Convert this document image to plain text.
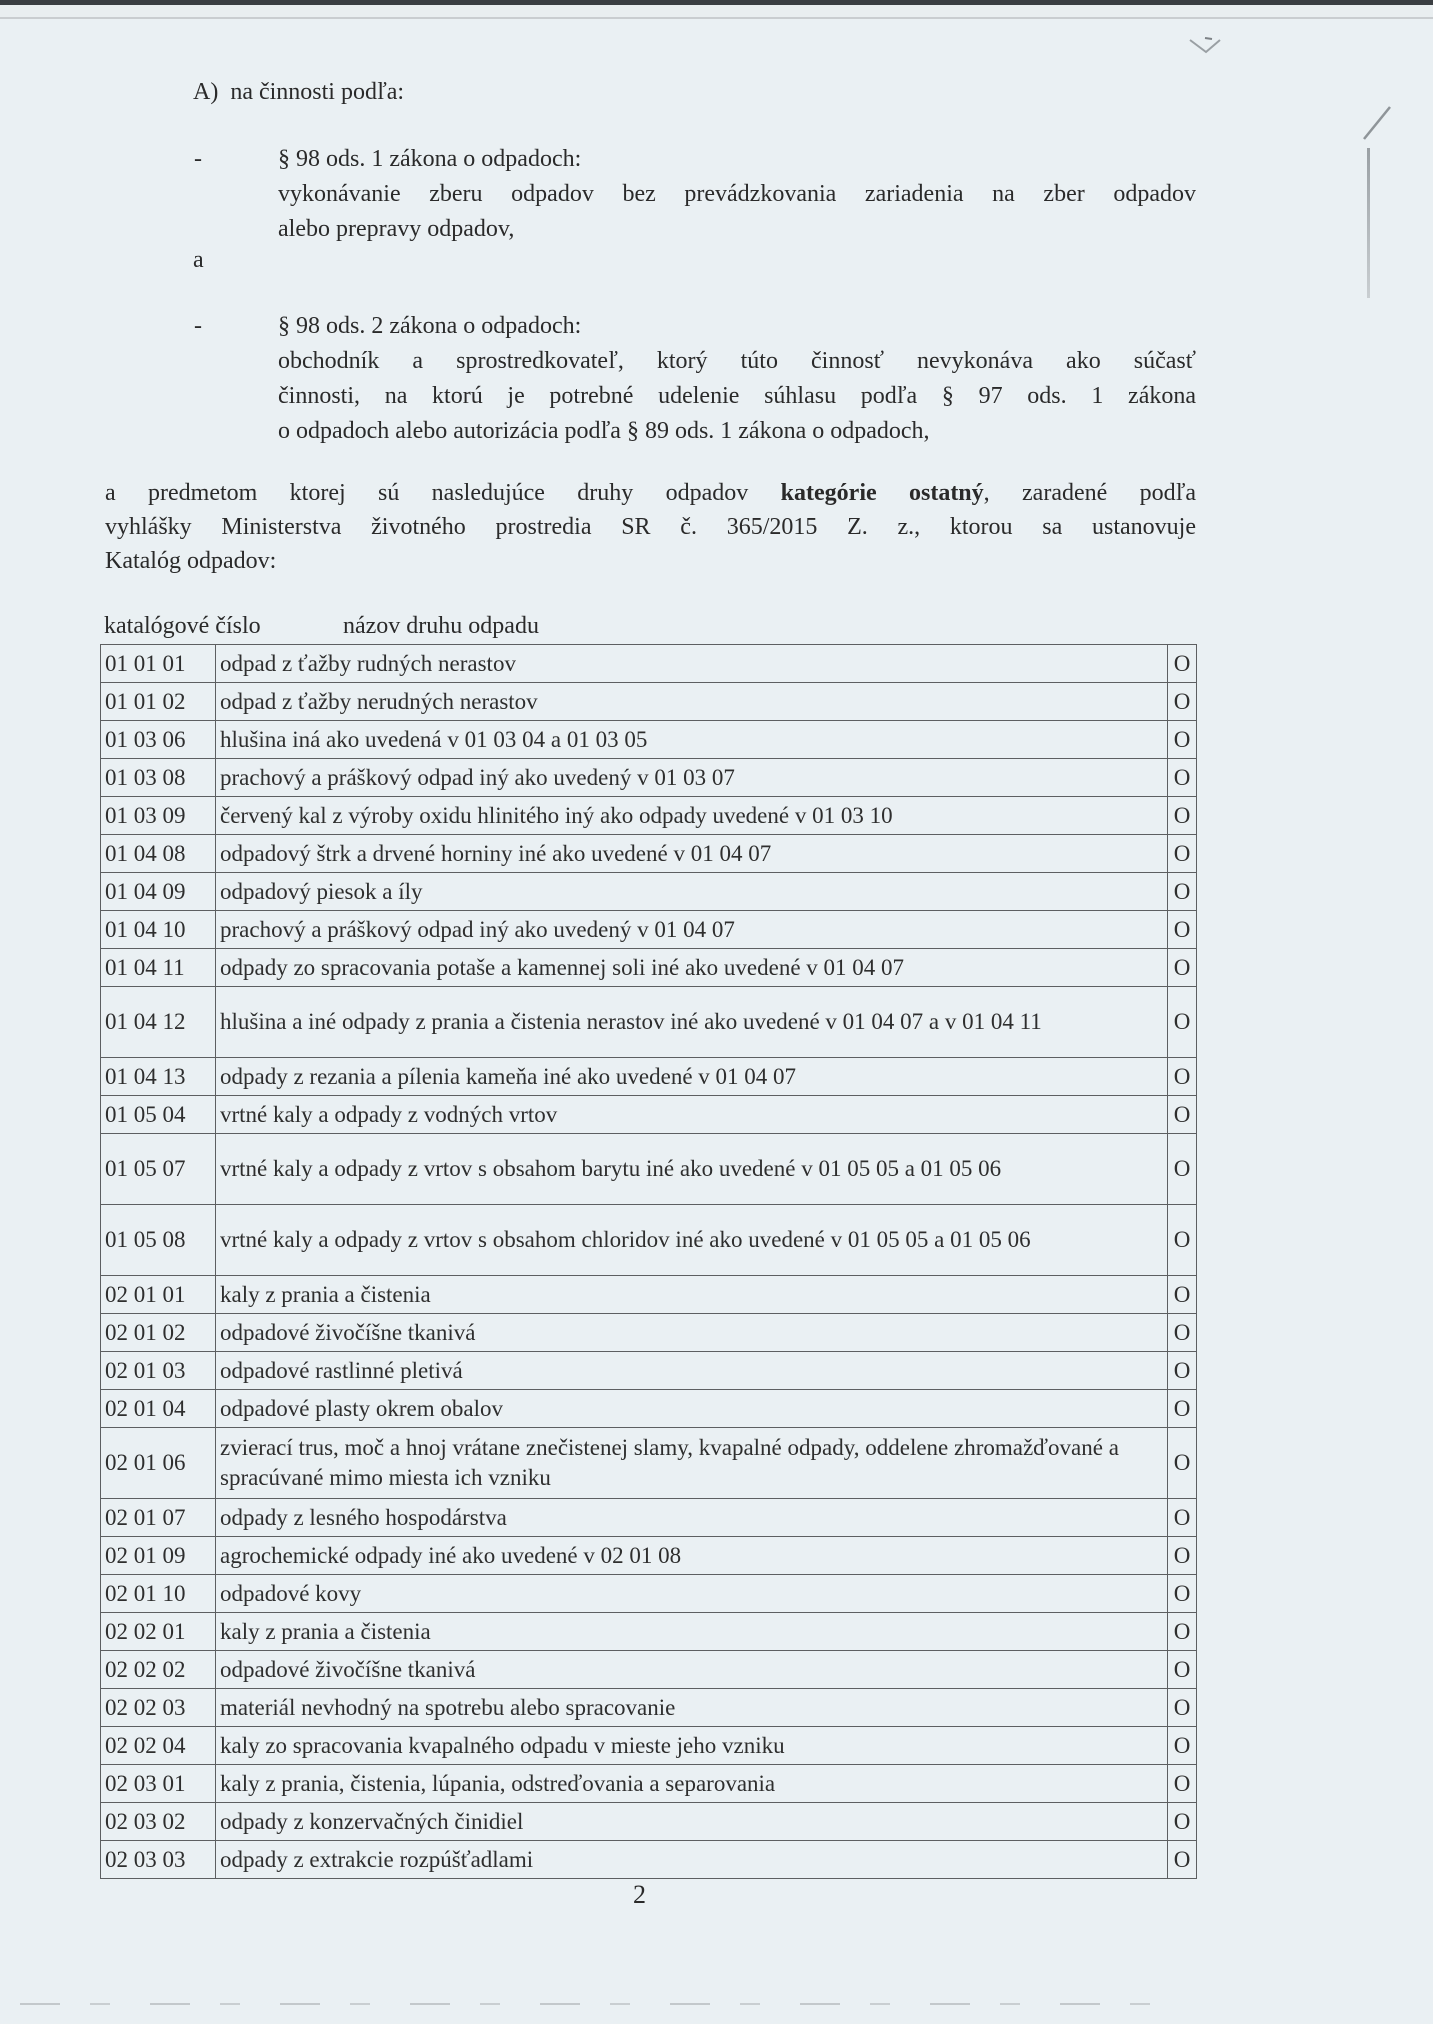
A) na činnosti podľa:
-	§ 98 ods. 1 zákona o odpadoch:
vykonávanie zberu odpadov bez prevádzkovania zariadenia na zber odpadov
alebo prepravy odpadov,
a
-	§ 98 ods. 2 zákona o odpadoch:
obchodník a sprostredkovateľ, ktorý túto činnosť nevykonáva ako súčasť
činnosti, na ktorú je potrebné udelenie súhlasu podľa § 97 ods. 1 zákona
o odpadoch alebo autorizácia podľa § 89 ods. 1 zákona o odpadoch,
a predmetom ktorej sú nasledujúce druhy odpadov kategórie ostatný, zaradené podľa
vyhlášky Ministerstva životného prostredia SR č. 365/2015 Z. z., ktorou sa ustanovuje
Katalóg odpadov:
katalógové číslo	názov druhu odpadu
01 01 01	odpad z ťažby rudných nerastov	O
01 01 02	odpad z ťažby nerudných nerastov	O
01 03 06	hlušina iná ako uvedená v 01 03 04 a 01 03 05	O
01 03 08	prachový a práškový odpad iný ako uvedený v 01 03 07	O
01 03 09	červený kal z výroby oxidu hlinitého iný ako odpady uvedené v 01 03 10	O
01 04 08	odpadový štrk a drvené horniny iné ako uvedené v 01 04 07	O
01 04 09	odpadový piesok a íly	O
01 04 10	prachový a práškový odpad iný ako uvedený v 01 04 07	O
01 04 11	odpady zo spracovania potaše a kamennej soli iné ako uvedené v 01 04 07	O
01 04 12	hlušina a iné odpady z prania a čistenia nerastov iné ako uvedené v 01 04 07 a v 01 04 11	O
01 04 13	odpady z rezania a pílenia kameňa iné ako uvedené v 01 04 07	O
01 05 04	vrtné kaly a odpady z vodných vrtov	O
01 05 07	vrtné kaly a odpady z vrtov s obsahom barytu iné ako uvedené v 01 05 05 a 01 05 06	O
01 05 08	vrtné kaly a odpady z vrtov s obsahom chloridov iné ako uvedené v 01 05 05 a 01 05 06	O
02 01 01	kaly z prania a čistenia	O
02 01 02	odpadové živočíšne tkanivá	O
02 01 03	odpadové rastlinné pletivá	O
02 01 04	odpadové plasty okrem obalov	O
02 01 06	zvierací trus, moč a hnoj vrátane znečistenej slamy, kvapalné odpady, oddelene zhromažďované a spracúvané mimo miesta ich vzniku	O
02 01 07	odpady z lesného hospodárstva	O
02 01 09	agrochemické odpady iné ako uvedené v 02 01 08	O
02 01 10	odpadové kovy	O
02 02 01	kaly z prania a čistenia	O
02 02 02	odpadové živočíšne tkanivá	O
02 02 03	materiál nevhodný na spotrebu alebo spracovanie	O
02 02 04	kaly zo spracovania kvapalného odpadu v mieste jeho vzniku	O
02 03 01	kaly z prania, čistenia, lúpania, odstreďovania a separovania	O
02 03 02	odpady z konzervačných činidiel	O
02 03 03	odpady z extrakcie rozpúšťadlami	O
2
